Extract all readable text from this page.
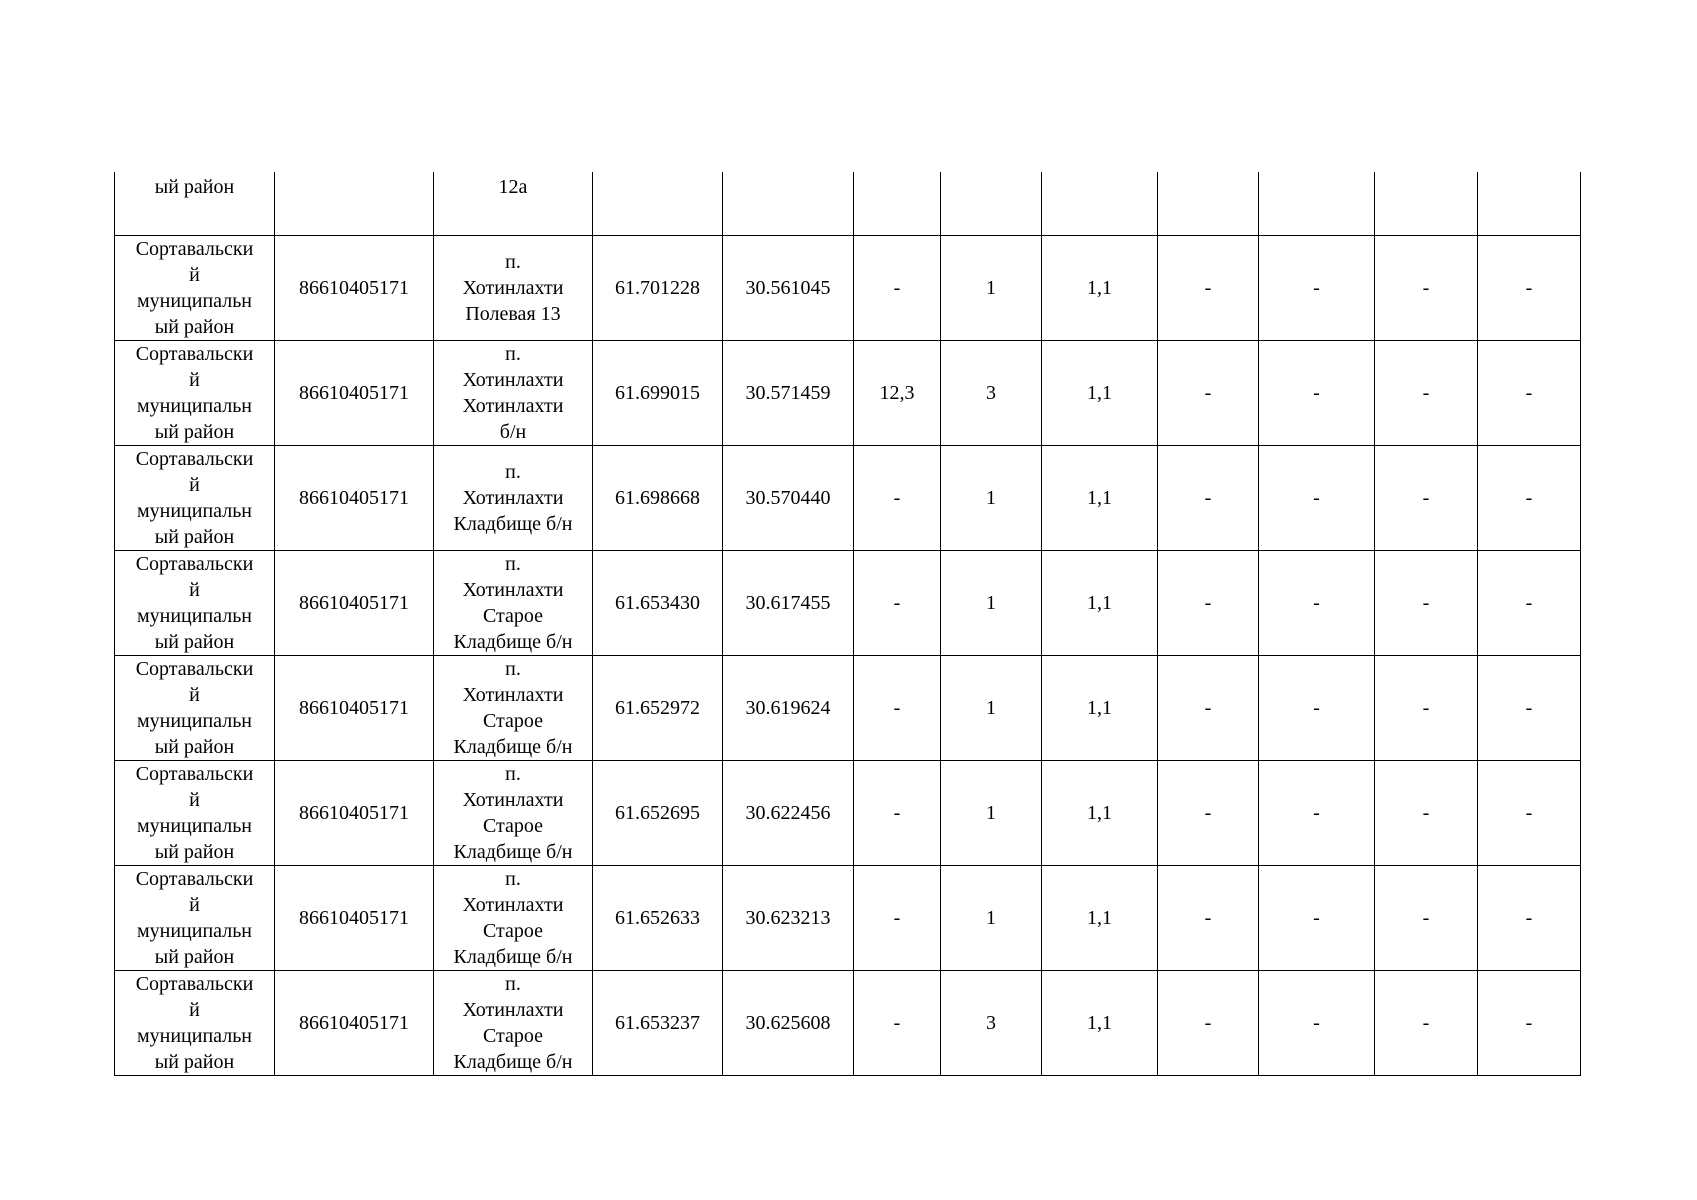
ый район		12а									
Сортавальски
й
муниципальн
ый район	86610405171	п.
Хотинлахти
Полевая 13	61.701228	30.561045	-	1	1,1	-	-	-	-
Сортавальски
й
муниципальн
ый район	86610405171	п.
Хотинлахти
Хотинлахти
б/н	61.699015	30.571459	12,3	3	1,1	-	-	-	-
Сортавальски
й
муниципальн
ый район	86610405171	п.
Хотинлахти
Кладбище б/н	61.698668	30.570440	-	1	1,1	-	-	-	-
Сортавальски
й
муниципальн
ый район	86610405171	п.
Хотинлахти
Старое
Кладбище б/н	61.653430	30.617455	-	1	1,1	-	-	-	-
Сортавальски
й
муниципальн
ый район	86610405171	п.
Хотинлахти
Старое
Кладбище б/н	61.652972	30.619624	-	1	1,1	-	-	-	-
Сортавальски
й
муниципальн
ый район	86610405171	п.
Хотинлахти
Старое
Кладбище б/н	61.652695	30.622456	-	1	1,1	-	-	-	-
Сортавальски
й
муниципальн
ый район	86610405171	п.
Хотинлахти
Старое
Кладбище б/н	61.652633	30.623213	-	1	1,1	-	-	-	-
Сортавальски
й
муниципальн
ый район	86610405171	п.
Хотинлахти
Старое
Кладбище б/н	61.653237	30.625608	-	3	1,1	-	-	-	-
